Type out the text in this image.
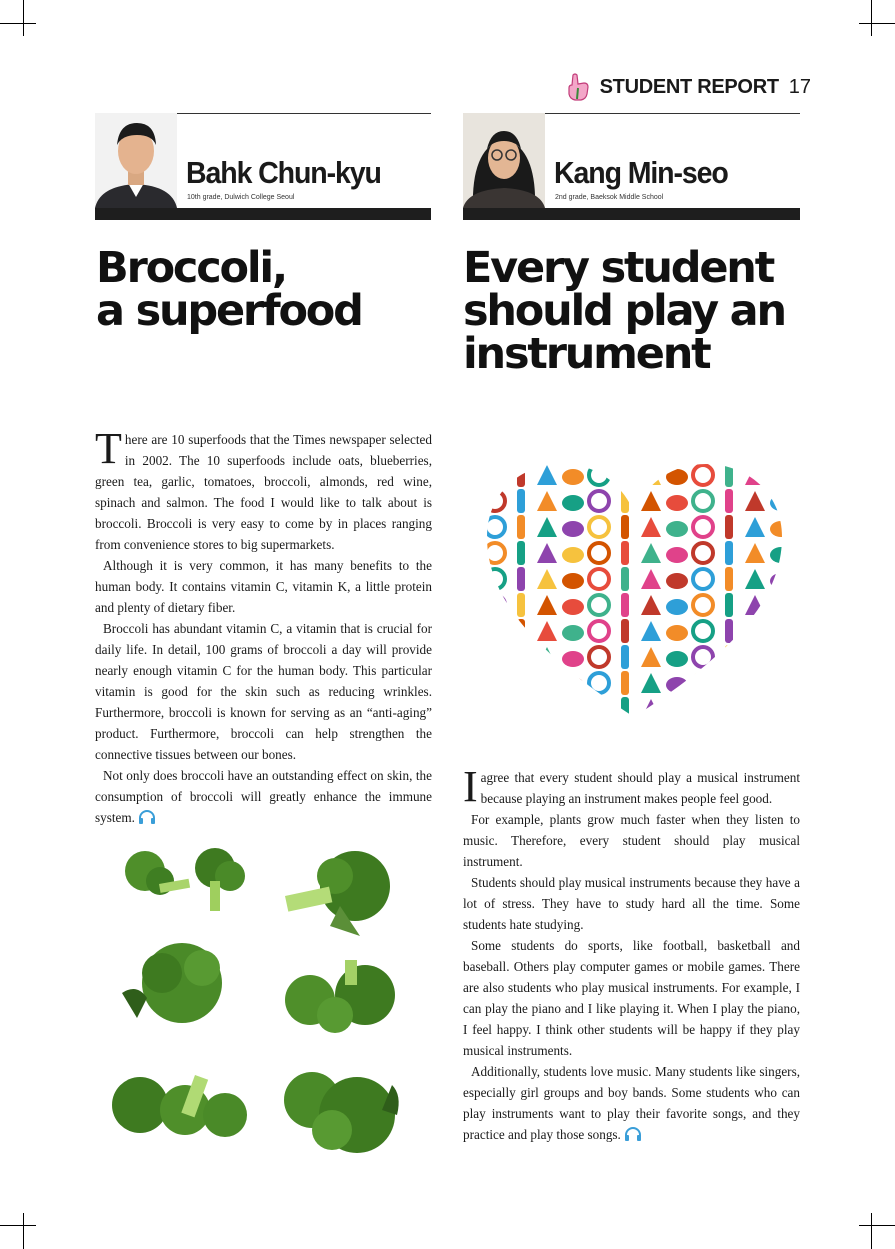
STUDENT REPORT 17
Bahk Chun-kyu
10th grade, Dulwich College Seoul
Kang Min-seo
2nd grade, Baeksok Middle School
Broccoli,
a superfood
Every student
should play an
instrument

There are 10 superfoods that the Times newspaper selected in 2002. The 10 superfoods include oats, blueberries, green tea, garlic, tomatoes, broccoli, almonds, red wine, spinach and salmon. The food I would like to talk about is broccoli. Broccoli is very easy to come by in places ranging from convenience stores to big supermarkets.

Although it is very common, it has many benefits to the human body. It contains vitamin C, vitamin K, a little protein and plenty of dietary fiber.

Broccoli has abundant vitamin C, a vitamin that is crucial for daily life. In detail, 100 grams of broccoli a day will provide nearly enough vitamin C for the human body. This particular vitamin is good for the skin such as reducing wrinkles. Furthermore, broccoli is known for serving as an “anti-aging” product. Furthermore, broccoli can help strengthen the connective tissues between our bones.

Not only does broccoli have an outstanding effect on skin, the consumption of broccoli will greatly enhance the immune system.

Iagree that every student should play a musical instrument because playing an instrument makes people feel good.

For example, plants grow much faster when they listen to music. Therefore, every student should play musical instrument.

Students should play musical instruments because they have a lot of stress. They have to study hard all the time. Some students hate studying.

Some students do sports, like football, basketball and baseball. Others play computer games or mobile games. There are also students who play musical instruments. For example, I can play the piano and I like playing it. When I play the piano, I feel happy. I think other students will be happy if they play musical instruments.

Additionally, students love music. Many students like singers, especially girl groups and boy bands. Some students who can play instruments want to play their favorite songs, and they practice and play those songs.
